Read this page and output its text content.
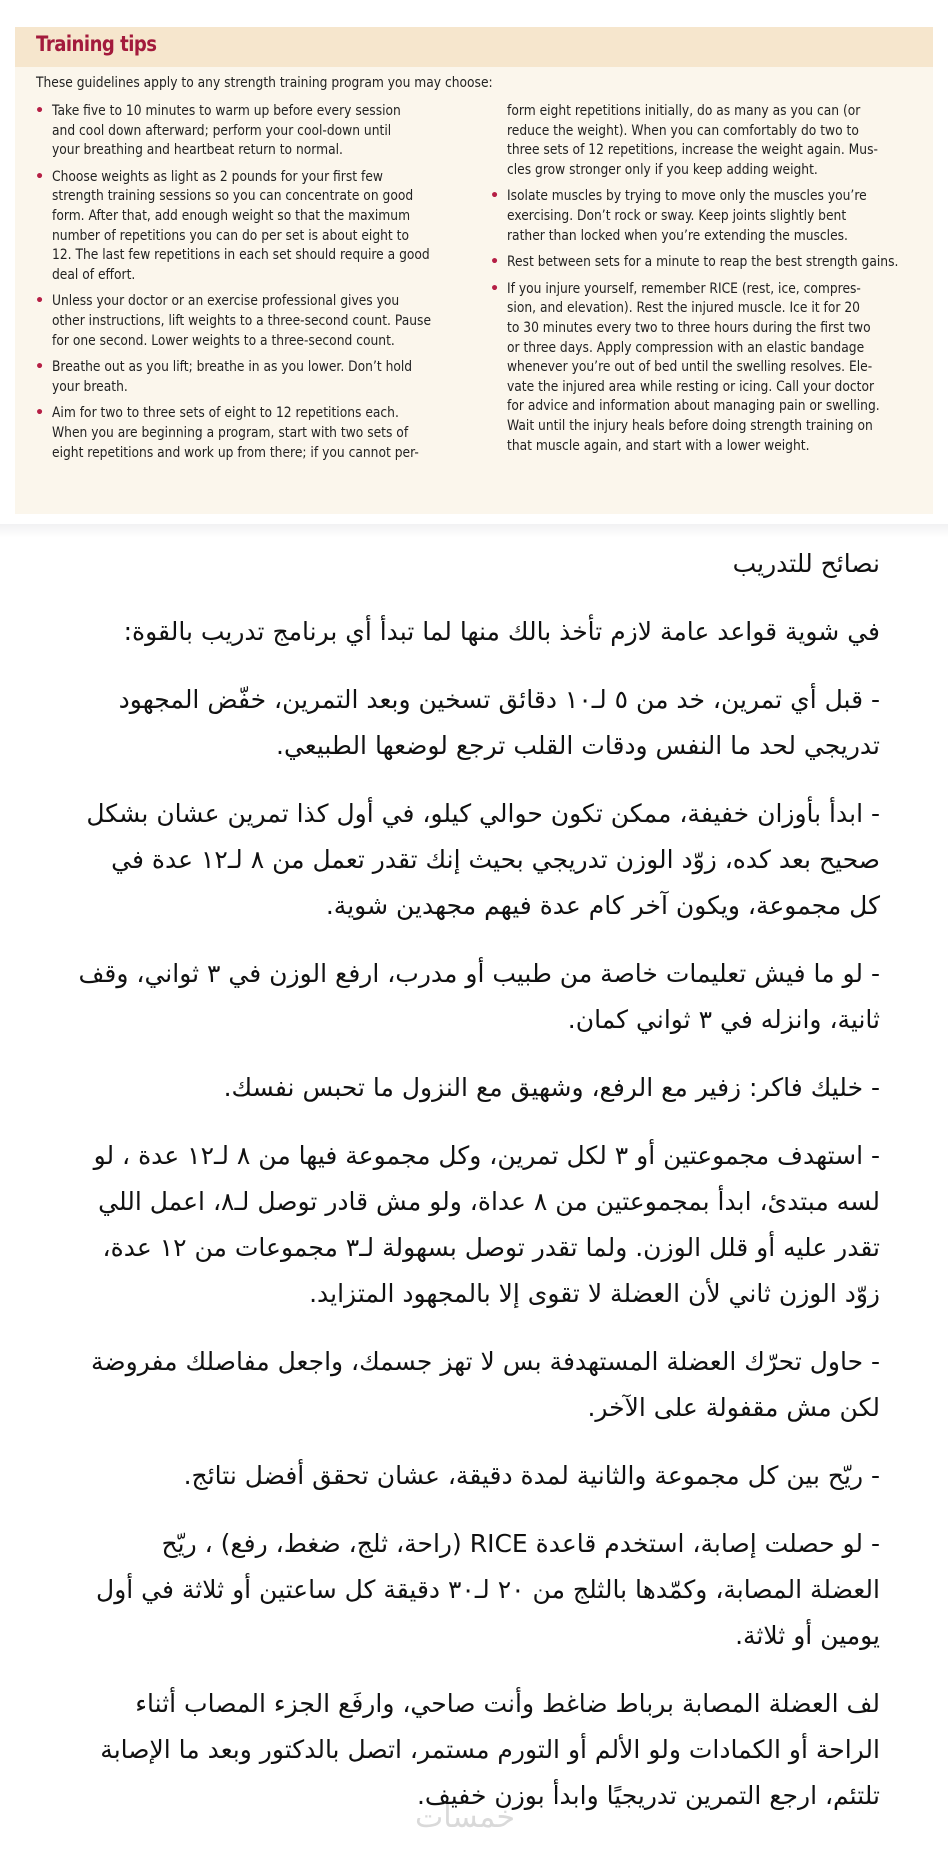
Training tips
These guidelines apply to any strength training program you may choose:
• Take five to 10 minutes to warm up before every session
and cool down afterward; perform your cool-down until
your breathing and heartbeat return to normal.
• Choose weights as light as 2 pounds for your first few
strength training sessions so you can concentrate on good
form. After that, add enough weight so that the maximum
number of repetitions you can do per set is about eight to
12. The last few repetitions in each set should require a good
deal of effort.
• Unless your doctor or an exercise professional gives you
other instructions, lift weights to a three-second count. Pause
for one second. Lower weights to a three-second count.
• Breathe out as you lift; breathe in as you lower. Don’t hold
your breath.
• Aim for two to three sets of eight to 12 repetitions each.
When you are beginning a program, start with two sets of
eight repetitions and work up from there; if you cannot per-
form eight repetitions initially, do as many as you can (or
reduce the weight). When you can comfortably do two to
three sets of 12 repetitions, increase the weight again. Mus-
cles grow stronger only if you keep adding weight.
• Isolate muscles by trying to move only the muscles you’re
exercising. Don’t rock or sway. Keep joints slightly bent
rather than locked when you’re extending the muscles.
• Rest between sets for a minute to reap the best strength gains.
• If you injure yourself, remember RICE (rest, ice, compres-
sion, and elevation). Rest the injured muscle. Ice it for 20
to 30 minutes every two to three hours during the first two
or three days. Apply compression with an elastic bandage
whenever you’re out of bed until the swelling resolves. Ele-
vate the injured area while resting or icing. Call your doctor
for advice and information about managing pain or swelling.
Wait until the injury heals before doing strength training on
that muscle again, and start with a lower weight.
نصائح للتدريب

في شوية قواعد عامة لازم تأخذ بالك منها لما تبدأ أي برنامج تدريب بالقوة:

- قبل أي تمرين، خد من ٥ لـ١٠ دقائق تسخين وبعد التمرين، خفّض المجهود
تدريجي لحد ما النفس ودقات القلب ترجع لوضعها الطبيعي.

- ابدأ بأوزان خفيفة، ممكن تكون حوالي كيلو، في أول كذا تمرين عشان بشكل
صحيح بعد كده، زوّد الوزن تدريجي بحيث إنك تقدر تعمل من ٨ لـ١٢ عدة في
كل مجموعة، ويكون آخر كام عدة فيهم مجهدين شوية.

- لو ما فيش تعليمات خاصة من طبيب أو مدرب، ارفع الوزن في ٣ ثواني، وقف
ثانية، وانزله في ٣ ثواني كمان.

- خليك فاكر: زفير مع الرفع، وشهيق مع النزول ما تحبس نفسك.

- استهدف مجموعتين أو ٣ لكل تمرين، وكل مجموعة فيها من ٨ لـ١٢ عدة ، لو
لسه مبتدئ، ابدأ بمجموعتين من ٨ عداة، ولو مش قادر توصل لـ٨، اعمل اللي
تقدر عليه أو قلل الوزن. ولما تقدر توصل بسهولة لـ٣ مجموعات من ١٢ عدة،
زوّد الوزن ثاني لأن العضلة لا تقوى إلا بالمجهود المتزايد.

- حاول تحرّك العضلة المستهدفة بس لا تهز جسمك، واجعل مفاصلك مفروضة
لكن مش مقفولة على الآخر.

- ريّح بين كل مجموعة والثانية لمدة دقيقة، عشان تحقق أفضل نتائج.

- لو حصلت إصابة، استخدم قاعدة RICE (راحة، ثلج، ضغط، رفع) ، ريّح
العضلة المصابة، وكمّدها بالثلج من ٢٠ لـ٣٠ دقيقة كل ساعتين أو ثلاثة في أول
يومين أو ثلاثة.

لف العضلة المصابة برباط ضاغط وأنت صاحي، وارفَع الجزء المصاب أثناء
الراحة أو الكمادات ولو الألم أو التورم مستمر، اتصل بالدكتور وبعد ما الإصابة
تلتئم، ارجع التمرين تدريجيًا وابدأ بوزن خفيف.

خمسات
